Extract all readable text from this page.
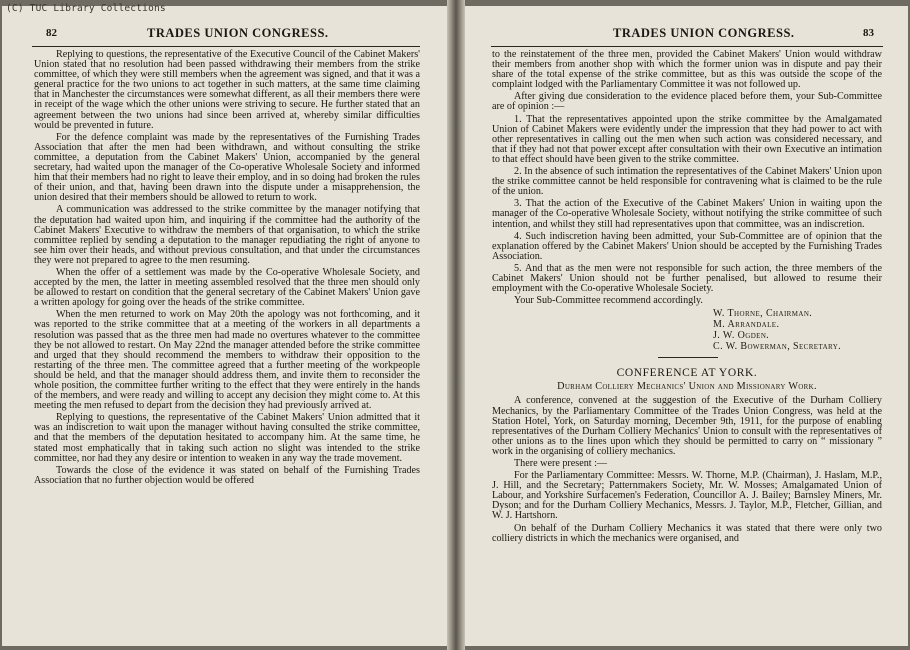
(C) TUC Library Collections
82	TRADES UNION CONGRESS.

Replying to questions, the representative of the Executive Council of the Cabinet Makers' Union stated that no resolution had been passed withdrawing their members from the strike committee, of which they were still members when the agreement was signed, and that it was a general practice for the two unions to act together in such matters, at the same time claiming that in Manchester the circumstances were somewhat different, as all their members there were in receipt of the wage which the other unions were striving to secure. He further stated that an agreement between the two unions had since been arrived at, whereby similar difficulties would be prevented in future.

For the defence complaint was made by the representatives of the Furnishing Trades Association that after the men had been withdrawn, and without consulting the strike committee, a deputation from the Cabinet Makers' Union, accompanied by the general secretary, had waited upon the manager of the Co-operative Wholesale Society and informed him that their members had no right to leave their employ, and in so doing had broken the rules of their union, and that, having been drawn into the dispute under a misapprehension, the union desired that their members should be allowed to return to work.

A communication was addressed to the strike committee by the manager notifying that the deputation had waited upon him, and inquiring if the committee had the authority of the Cabinet Makers' Executive to withdraw the members of that organisation, to which the strike committee replied by sending a deputation to the manager repudiating the right of anyone to see him over their heads, and without previous consultation, and that under the circumstances they were not prepared to agree to the men resuming.

When the offer of a settlement was made by the Co-operative Wholesale Society, and accepted by the men, the latter in meeting assembled resolved that the three men should only be allowed to restart on condition that the general secretary of the Cabinet Makers' Union gave a written apology for going over the heads of the strike committee.

When the men returned to work on May 20th the apology was not forthcoming, and it was reported to the strike committee that at a meeting of the workers in all departments a resolution was passed that as the three men had made no overtures whatever to the committee they be not allowed to restart. On May 22nd the manager attended before the strike committee and urged that they should recommend the members to withdraw their opposition to the restarting of the three men. The committee agreed that a further meeting of the workpeople should be held, and that the manager should address them, and invite them to reconsider the whole position, the committee further writing to the effect that they were entirely in the hands of the members, and were ready and willing to accept any decision they might come to. At this meeting the men refused to depart from the decision they had previously arrived at.

Replying to questions, the representative of the Cabinet Makers' Union admitted that it was an indiscretion to wait upon the manager without having consulted the strike committee, and that the members of the deputation hesitated to accompany him. At the same time, he stated most emphatically that in taking such action no slight was intended to the strike committee, nor had they any desire or intention to weaken in any way the trade movement.

Towards the close of the evidence it was stated on behalf of the Furnishing Trades Association that no further objection would be offered

TRADES UNION CONGRESS.	83

to the reinstatement of the three men, provided the Cabinet Makers' Union would withdraw their members from another shop with which the former union was in dispute and pay their share of the total expense of the strike committee, but as this was outside the scope of the complaint lodged with the Parliamentary Committee it was not followed up.

After giving due consideration to the evidence placed before them, your Sub-Committee are of opinion :—

1. That the representatives appointed upon the strike committee by the Amalgamated Union of Cabinet Makers were evidently under the impression that they had power to act with other representatives in calling out the men when such action was considered necessary, and that if they had not that power except after consultation with their own Executive an intimation to that effect should have been given to the strike committee.

2. In the absence of such intimation the representatives of the Cabinet Makers' Union upon the strike committee cannot be held responsible for contravening what is claimed to be the rule of the union.

3. That the action of the Executive of the Cabinet Makers' Union in waiting upon the manager of the Co-operative Wholesale Society, without notifying the strike committee of such intention, and whilst they still had representatives upon that committee, was an indiscretion.

4. Such indiscretion having been admitted, your Sub-Committee are of opinion that the explanation offered by the Cabinet Makers' Union should be accepted by the Furnishing Trades Association.

5. And that as the men were not responsible for such action, the three members of the Cabinet Makers' Union should not be further penalised, but allowed to resume their employment with the Co-operative Wholesale Society.

Your Sub-Committee recommend accordingly.

W. Thorne, Chairman.
M. Arrandale.
J. W. Ogden.
C. W. Bowerman, Secretary.
CONFERENCE AT YORK.
Durham Colliery Mechanics' Union and Missionary Work.

A conference, convened at the suggestion of the Executive of the Durham Colliery Mechanics, by the Parliamentary Committee of the Trades Union Congress, was held at the Station Hotel, York, on Saturday morning, December 9th, 1911, for the purpose of enabling representatives of the Durham Colliery Mechanics' Union to consult with the representatives of other unions as to the lines upon which they should be permitted to carry on “ missionary ” work in the organising of colliery mechanics.

There were present :—

For the Parliamentary Committee: Messrs. W. Thorne, M.P. (Chairman), J. Haslam, M.P., J. Hill, and the Secretary; Patternmakers Society, Mr. W. Mosses; Amalgamated Union of Labour, and Yorkshire Surfacemen's Federation, Councillor A. J. Bailey; Barnsley Miners, Mr. Dyson; and for the Durham Colliery Mechanics, Messrs. J. Taylor, M.P., Fletcher, Gillian, and W. J. Hartshorn.

On behalf of the Durham Colliery Mechanics it was stated that there were only two colliery districts in which the mechanics were organised, and
